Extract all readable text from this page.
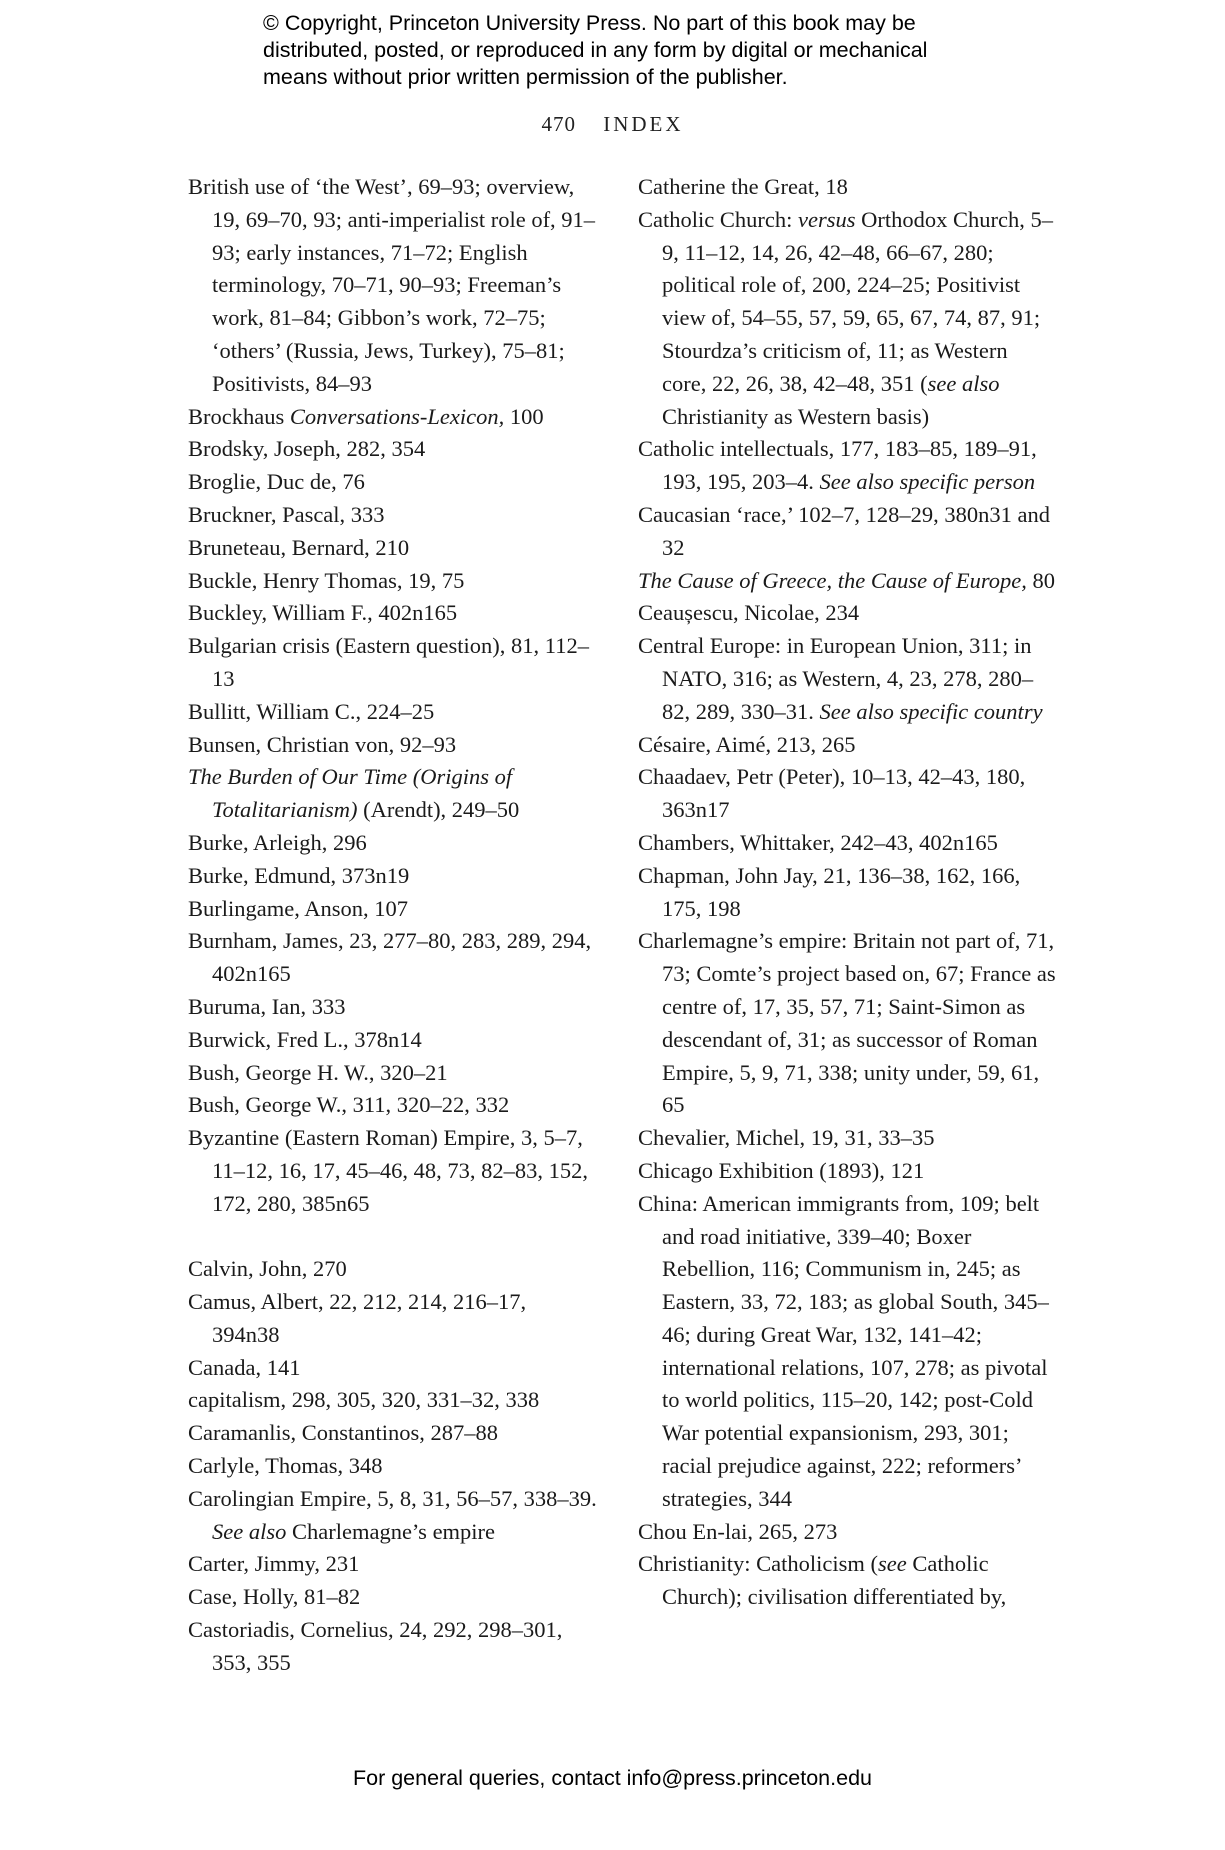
© Copyright, Princeton University Press. No part of this book may be
distributed, posted, or reproduced in any form by digital or mechanical
means without prior written permission of the publisher.
470 INDEX

British use of ‘the West’, 69–93; overview, 19, 69–70, 93; anti-imperialist role of, 91–93; early instances, 71–72; English terminology, 70–71, 90–93; Freeman’s work, 81–84; Gibbon’s work, 72–75; ‘others’ (Russia, Jews, Turkey), 75–81; Positivists, 84–93

Brockhaus Conversations-Lexicon, 100

Brodsky, Joseph, 282, 354

Broglie, Duc de, 76

Bruckner, Pascal, 333

Bruneteau, Bernard, 210

Buckle, Henry Thomas, 19, 75

Buckley, William F., 402n165

Bulgarian crisis (Eastern question), 81, 112–13

Bullitt, William C., 224–25

Bunsen, Christian von, 92–93

The Burden of Our Time (Origins of Totalitarianism) (Arendt), 249–50

Burke, Arleigh, 296

Burke, Edmund, 373n19

Burlingame, Anson, 107

Burnham, James, 23, 277–80, 283, 289, 294, 402n165

Buruma, Ian, 333

Burwick, Fred L., 378n14

Bush, George H. W., 320–21

Bush, George W., 311, 320–22, 332

Byzantine (Eastern Roman) Empire, 3, 5–7, 11–12, 16, 17, 45–46, 48, 73, 82–83, 152, 172, 280, 385n65

Calvin, John, 270

Camus, Albert, 22, 212, 214, 216–17, 394n38

Canada, 141

capitalism, 298, 305, 320, 331–32, 338

Caramanlis, Constantinos, 287–88

Carlyle, Thomas, 348

Carolingian Empire, 5, 8, 31, 56–57, 338–39. See also Charlemagne’s empire

Carter, Jimmy, 231

Case, Holly, 81–82

Castoriadis, Cornelius, 24, 292, 298–301, 353, 355

Catherine the Great, 18

Catholic Church: versus Orthodox Church, 5–9, 11–12, 14, 26, 42–48, 66–67, 280; political role of, 200, 224–25; Positivist view of, 54–55, 57, 59, 65, 67, 74, 87, 91; Stourdza’s criticism of, 11; as Western core, 22, 26, 38, 42–48, 351 (see also Christianity as Western basis)

Catholic intellectuals, 177, 183–85, 189–91, 193, 195, 203–4. See also specific person

Caucasian ‘race,’ 102–7, 128–29, 380n31 and 32

The Cause of Greece, the Cause of Europe, 80

Ceaușescu, Nicolae, 234

Central Europe: in European Union, 311; in NATO, 316; as Western, 4, 23, 278, 280–82, 289, 330–31. See also specific country

Césaire, Aimé, 213, 265

Chaadaev, Petr (Peter), 10–13, 42–43, 180, 363n17

Chambers, Whittaker, 242–43, 402n165

Chapman, John Jay, 21, 136–38, 162, 166, 175, 198

Charlemagne’s empire: Britain not part of, 71, 73; Comte’s project based on, 67; France as centre of, 17, 35, 57, 71; Saint-Simon as descendant of, 31; as successor of Roman Empire, 5, 9, 71, 338; unity under, 59, 61, 65

Chevalier, Michel, 19, 31, 33–35

Chicago Exhibition (1893), 121

China: American immigrants from, 109; belt and road initiative, 339–40; Boxer Rebellion, 116; Communism in, 245; as Eastern, 33, 72, 183; as global South, 345–46; during Great War, 132, 141–42; international relations, 107, 278; as pivotal to world politics, 115–20, 142; post-Cold War potential expansionism, 293, 301; racial prejudice against, 222; reformers’ strategies, 344

Chou En-lai, 265, 273

Christianity: Catholicism (see Catholic Church); civilisation differentiated by,

For general queries, contact info@press.princeton.edu
